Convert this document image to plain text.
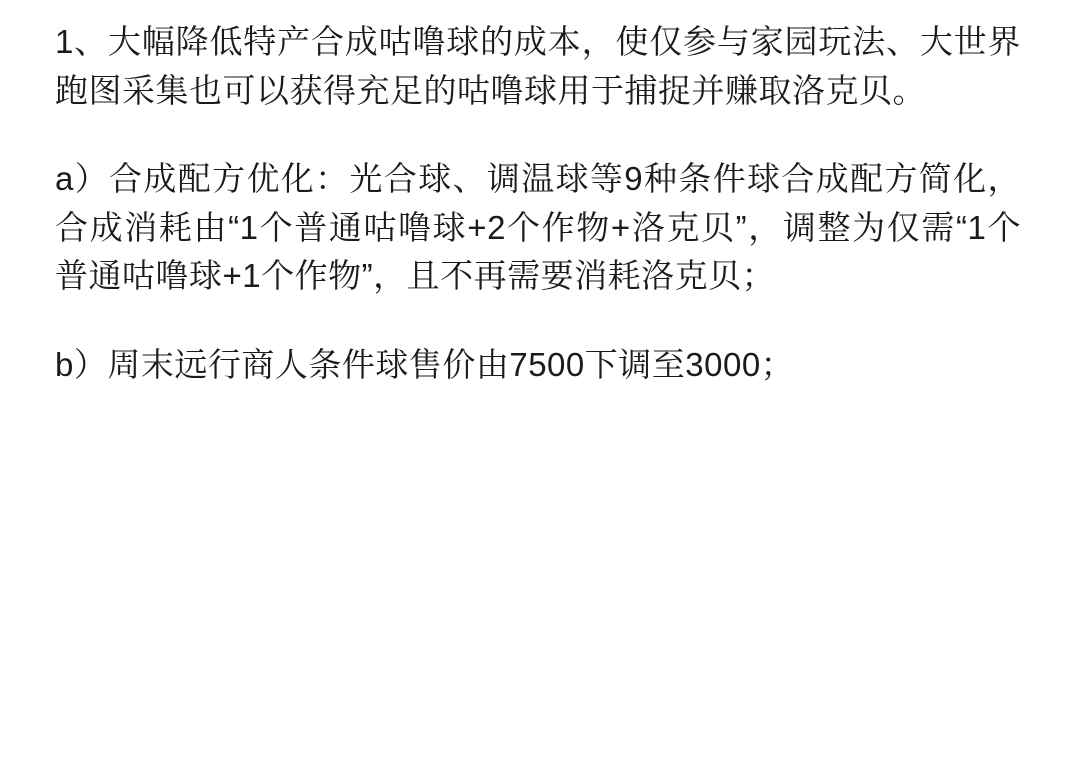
1、大幅降低特产合成咕噜球的成本，使仅参与家园玩法、大世界跑图采集也可以获得充足的咕噜球用于捕捉并赚取洛克贝。

a）合成配方优化：光合球、调温球等9种条件球合成配方简化，合成消耗由“1个普通咕噜球+2个作物+洛克贝”，调整为仅需“1个普通咕噜球+1个作物”，且不再需要消耗洛克贝；

b）周末远行商人条件球售价由7500下调至3000；
